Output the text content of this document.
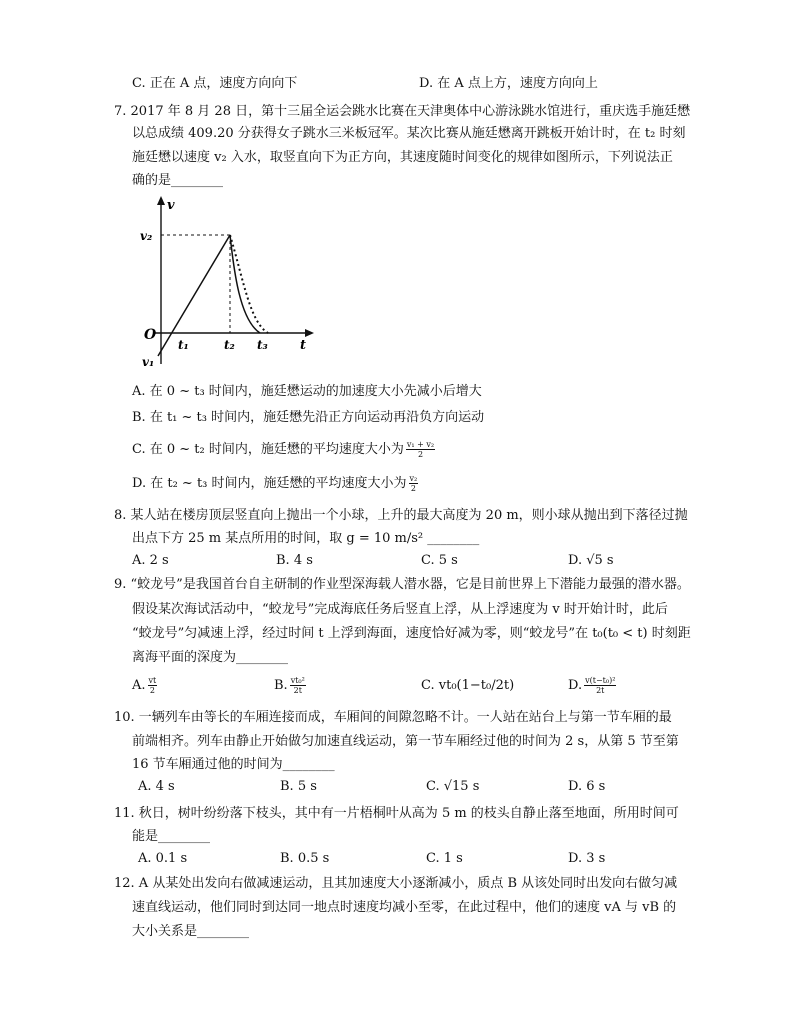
C. 正在 A 点，速度方向向下	D. 在 A 点上方，速度方向向上
7. 2017 年 8 月 28 日，第十三届全运会跳水比赛在天津奥体中心游泳跳水馆进行，重庆选手施廷懋
以总成绩 409.20 分获得女子跳水三米板冠军。某次比赛从施廷懋离开跳板开始计时，在 t₂ 时刻
施廷懋以速度 v₂ 入水，取竖直向下为正方向，其速度随时间变化的规律如图所示，下列说法正
确的是________
v
t
O
v₂
v₁
t₁	t₂ t₃
A. 在 0 ~ t₃ 时间内，施廷懋运动的加速度大小先减小后增大
B. 在 t₁ ~ t₃ 时间内，施廷懋先沿正方向运动再沿负方向运动
C. 在 0 ~ t₂ 时间内，施廷懋的平均速度大小为 $\frac{\text{v₁ + v₂}}{2}$
D. 在 t₂ ~ t₃ 时间内，施廷懋的平均速度大小为 $\frac{\text{v₂}}{2}$
8. 某人站在楼房顶层竖直向上抛出一个小球，上升的最大高度为 20 m，则小球从抛出到下落径过抛
出点下方 25 m 某点所用的时间，取 g = 10 m/s² ________
A. 2 s	B. 4 s	C. 5 s	D. √5 s
9. “蛟龙号”是我国首台自主研制的作业型深海载人潜水器，它是目前世界上下潜能力最强的潜水器。
假设某次海试活动中，“蛟龙号”完成海底任务后竖直上浮，从上浮速度为 v 时开始计时，此后
“蛟龙号”匀减速上浮，经过时间 t 上浮到海面，速度恰好减为零，则“蛟龙号”在 t₀(t₀ < t) 时刻距
离海平面的深度为________
A. $\frac{vt}{2}$	B. $\frac{\text{vt₀²}}{2t}$	C. vt₀(1−t₀/2t)	D. $\frac{\text{v(t−t₀)²}}{2t}$
10. 一辆列车由等长的车厢连接而成，车厢间的间隙忽略不计。一人站在站台上与第一节车厢的最
前端相齐。列车由静止开始做匀加速直线运动，第一节车厢经过他的时间为 2 s，从第 5 节至第
16 节车厢通过他的时间为________
A. 4 s	B. 5 s	C. √15 s	D. 6 s
11. 秋日，树叶纷纷落下枝头，其中有一片梧桐叶从高为 5 m 的枝头自静止落至地面，所用时间可
能是________
A. 0.1 s	B. 0.5 s	C. 1 s	D. 3 s
12. A 从某处出发向右做减速运动，且其加速度大小逐渐减小，质点 B 从该处同时出发向右做匀减
速直线运动，他们同时到达同一地点时速度均减小至零，在此过程中，他们的速度 vA 与 vB 的
大小关系是________
